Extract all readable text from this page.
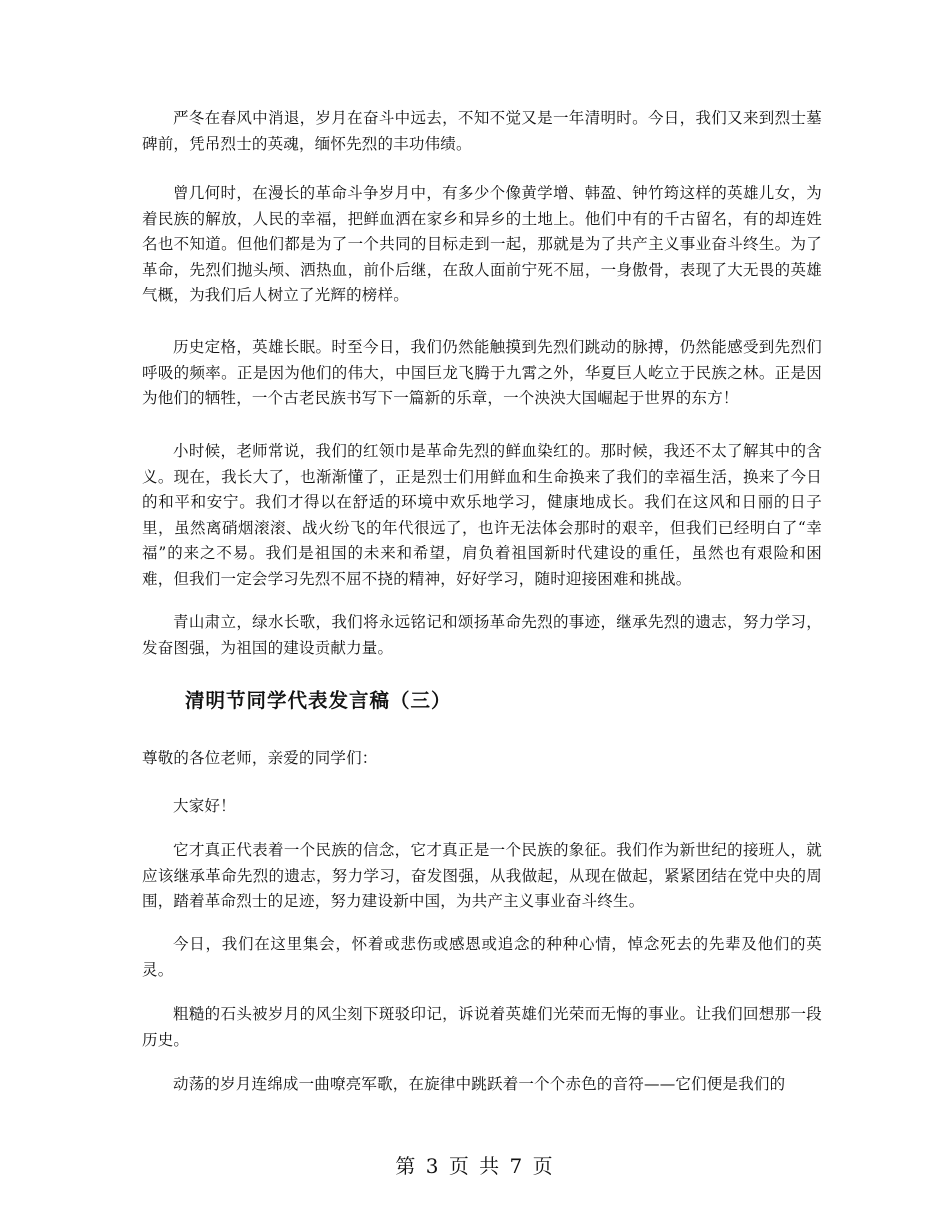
严冬在春风中消退，岁月在奋斗中远去，不知不觉又是一年清明时。今日，我们又来到烈士墓碑前，凭吊烈士的英魂，缅怀先烈的丰功伟绩。

曾几何时，在漫长的革命斗争岁月中，有多少个像黄学增、韩盈、钟竹筠这样的英雄儿女，为着民族的解放，人民的幸福，把鲜血洒在家乡和异乡的土地上。他们中有的千古留名，有的却连姓名也不知道。但他们都是为了一个共同的目标走到一起，那就是为了共产主义事业奋斗终生。为了革命，先烈们抛头颅、洒热血，前仆后继，在敌人面前宁死不屈，一身傲骨，表现了大无畏的英雄气概，为我们后人树立了光辉的榜样。

历史定格，英雄长眠。时至今日，我们仍然能触摸到先烈们跳动的脉搏，仍然能感受到先烈们呼吸的频率。正是因为他们的伟大，中国巨龙飞腾于九霄之外，华夏巨人屹立于民族之林。正是因为他们的牺牲，一个古老民族书写下一篇新的乐章，一个泱泱大国崛起于世界的东方！

小时候，老师常说，我们的红领巾是革命先烈的鲜血染红的。那时候，我还不太了解其中的含义。现在，我长大了，也渐渐懂了，正是烈士们用鲜血和生命换来了我们的幸福生活，换来了今日的和平和安宁。我们才得以在舒适的环境中欢乐地学习，健康地成长。我们在这风和日丽的日子里，虽然离硝烟滚滚、战火纷飞的年代很远了，也许无法体会那时的艰辛，但我们已经明白了“幸福”的来之不易。我们是祖国的未来和希望，肩负着祖国新时代建设的重任，虽然也有艰险和困难，但我们一定会学习先烈不屈不挠的精神，好好学习，随时迎接困难和挑战。

青山肃立，绿水长歌，我们将永远铭记和颂扬革命先烈的事迹，继承先烈的遗志，努力学习，发奋图强，为祖国的建设贡献力量。

清明节同学代表发言稿（三）

尊敬的各位老师，亲爱的同学们：

大家好！

它才真正代表着一个民族的信念，它才真正是一个民族的象征。我们作为新世纪的接班人，就应该继承革命先烈的遗志，努力学习，奋发图强，从我做起，从现在做起，紧紧团结在党中央的周围，踏着革命烈士的足迹，努力建设新中国，为共产主义事业奋斗终生。

今日，我们在这里集会，怀着或悲伤或感恩或追念的种种心情，悼念死去的先辈及他们的英灵。

粗糙的石头被岁月的风尘刻下斑驳印记，诉说着英雄们光荣而无悔的事业。让我们回想那一段历史。

动荡的岁月连绵成一曲嘹亮军歌，在旋律中跳跃着一个个赤色的音符——它们便是我们的

第 3 页 共 7 页
